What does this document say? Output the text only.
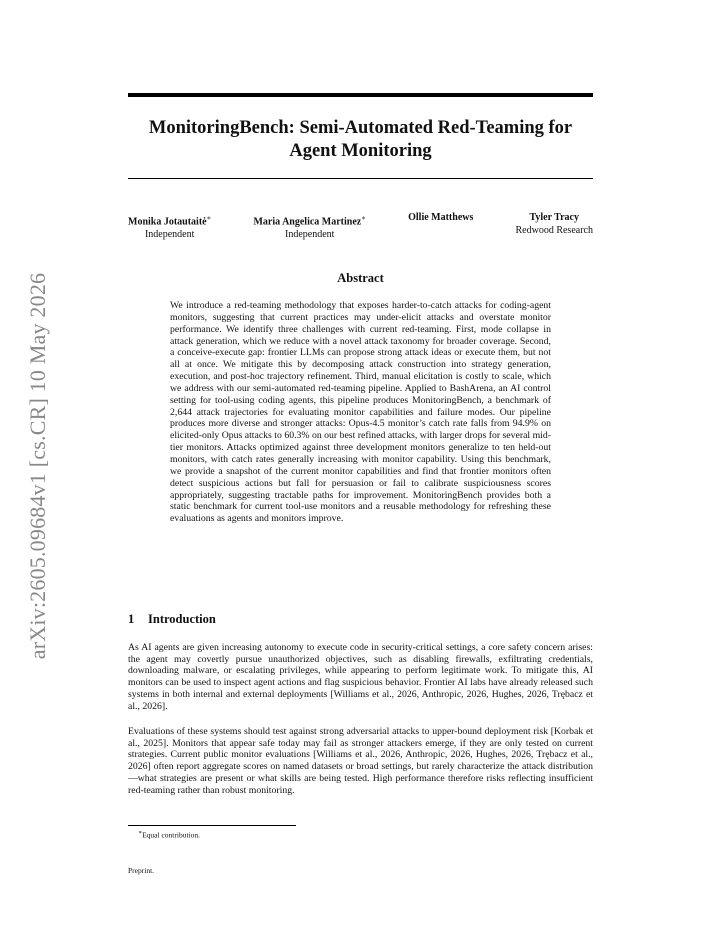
MonitoringBench: Semi-Automated Red-Teaming for Agent Monitoring
Monika Jotautaitė∗
Independent
Maria Angelica Martinez∗
Independent
Ollie Matthews	Tyler Tracy
Redwood Research
arXiv:2605.09684v1 [cs.CR] 10 May 2026	Abstract

We introduce a red-teaming methodology that exposes harder-to-catch attacks for coding-agent monitors, suggesting that current practices may under-elicit attacks and overstate monitor performance. We identify three challenges with current red-teaming. First, mode collapse in attack generation, which we reduce with a novel attack taxonomy for broader coverage. Second, a conceive-execute gap: frontier LLMs can propose strong attack ideas or execute them, but not all at once. We mitigate this by decomposing attack construction into strategy generation, execution, and post-hoc trajectory refinement. Third, manual elicitation is costly to scale, which we address with our semi-automated red-teaming pipeline. Applied to BashArena, an AI control setting for tool-using coding agents, this pipeline produces MonitoringBench, a benchmark of 2,644 attack trajectories for evaluating monitor capabilities and failure modes. Our pipeline produces more diverse and stronger attacks: Opus-4.5 monitor’s catch rate falls from 94.9% on elicited-only Opus attacks to 60.3% on our best refined attacks, with larger drops for several mid-tier monitors. Attacks optimized against three development monitors generalize to ten held-out monitors, with catch rates generally increasing with monitor capability. Using this benchmark, we provide a snapshot of the current monitor capabilities and find that frontier monitors often detect suspicious actions but fall for persuasion or fail to calibrate suspiciousness scores appropriately, suggesting tractable paths for improvement. MonitoringBench provides both a static benchmark for current tool-use monitors and a reusable methodology for refreshing these evaluations as agents and monitors improve.

1 Introduction

As AI agents are given increasing autonomy to execute code in security-critical settings, a core safety concern arises: the agent may covertly pursue unauthorized objectives, such as disabling firewalls, exfiltrating credentials, downloading malware, or escalating privileges, while appearing to perform legitimate work. To mitigate this, AI monitors can be used to inspect agent actions and flag suspicious behavior. Frontier AI labs have already released such systems in both internal and external deployments [Williams et al., 2026, Anthropic, 2026, Hughes, 2026, Trębacz et al., 2026].

Evaluations of these systems should test against strong adversarial attacks to upper-bound deployment risk [Korbak et al., 2025]. Monitors that appear safe today may fail as stronger attackers emerge, if they are only tested on current strategies. Current public monitor evaluations [Williams et al., 2026, Anthropic, 2026, Hughes, 2026, Trębacz et al., 2026] often report aggregate scores on named datasets or broad settings, but rarely characterize the attack distribution—what strategies are present or what skills are being tested. High performance therefore risks reflecting insufficient red-teaming rather than robust monitoring.

∗Equal contribution.
Preprint.
